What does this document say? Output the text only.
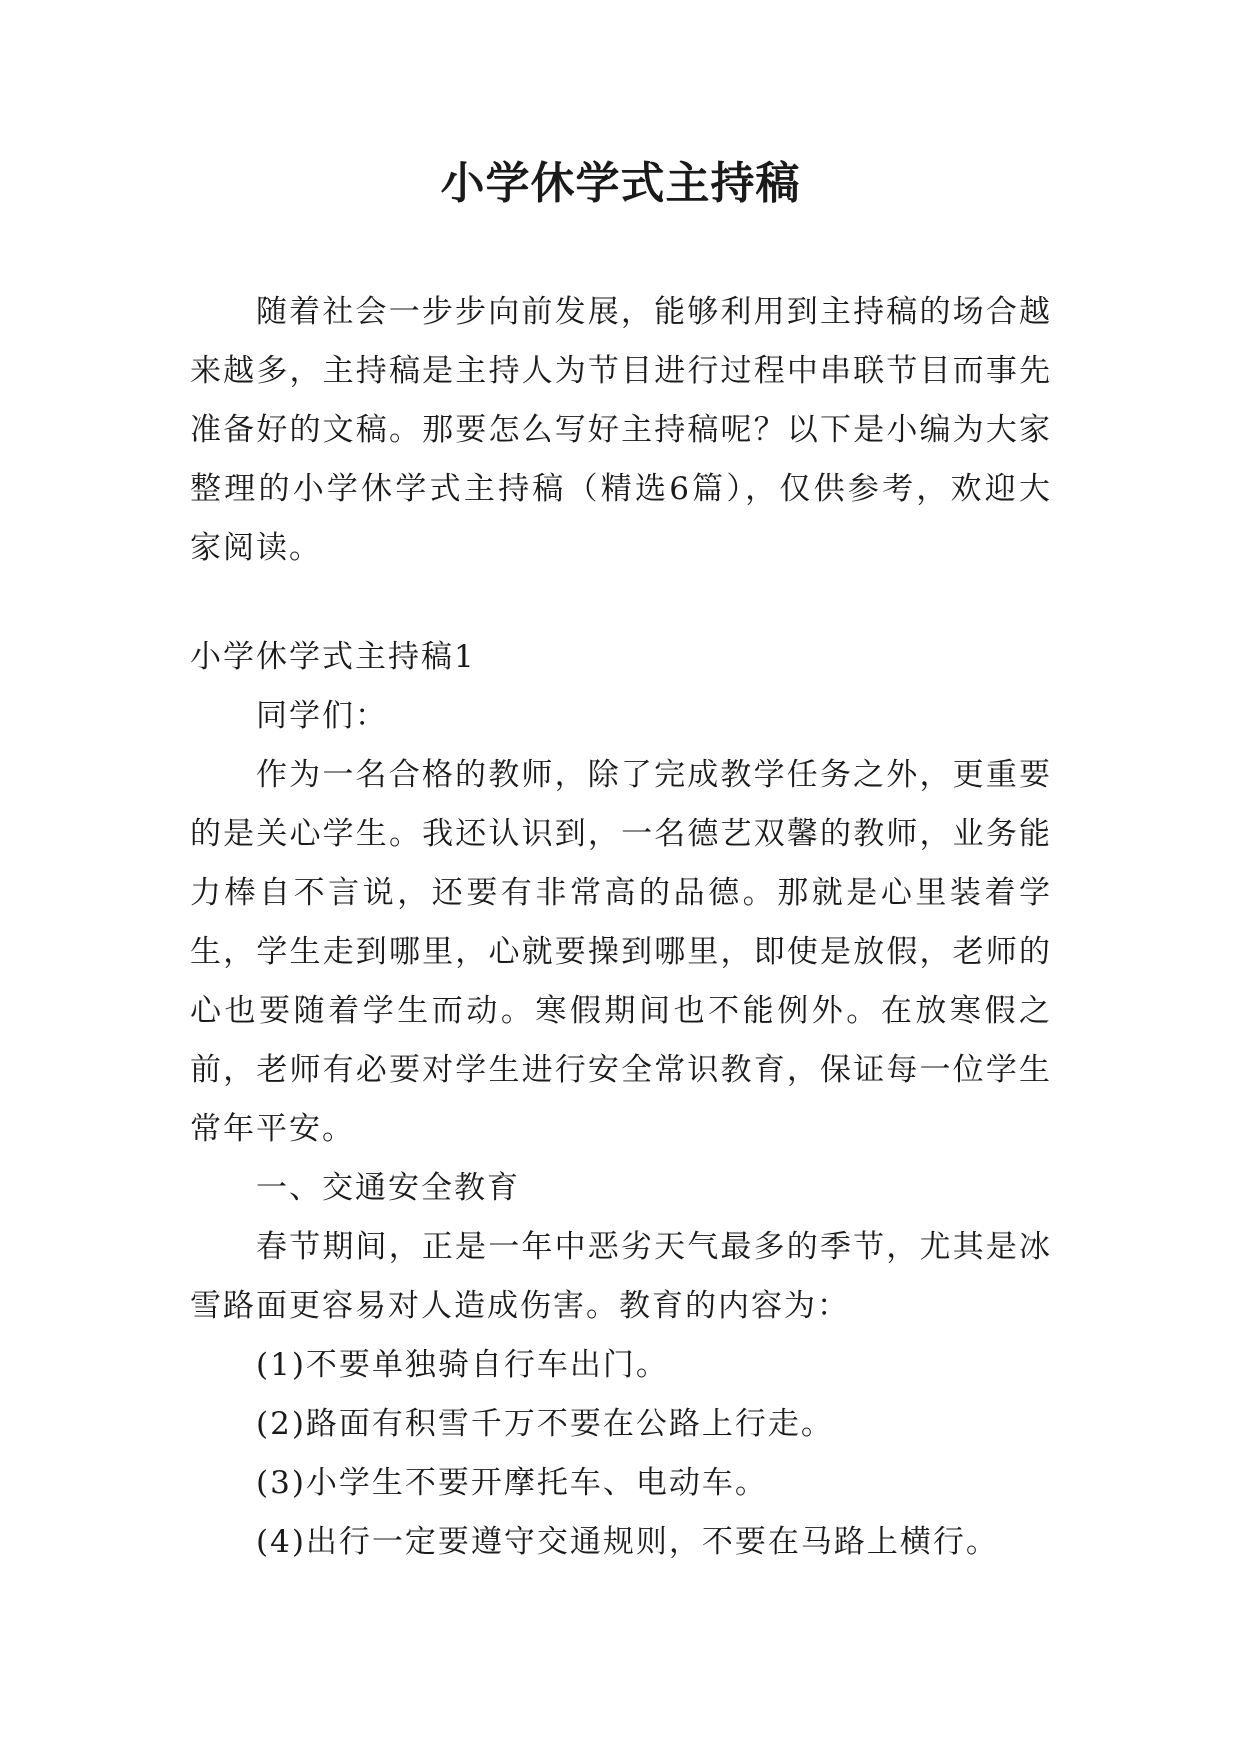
小学休学式主持稿

随着社会一步步向前发展，能够利用到主持稿的场合越来越多，主持稿是主持人为节目进行过程中串联节目而事先准备好的文稿。那要怎么写好主持稿呢？以下是小编为大家整理的小学休学式主持稿（精选6篇），仅供参考，欢迎大家阅读。

小学休学式主持稿1

同学们：

作为一名合格的教师，除了完成教学任务之外，更重要的是关心学生。我还认识到，一名德艺双馨的教师，业务能力棒自不言说，还要有非常高的品德。那就是心里装着学生，学生走到哪里，心就要操到哪里，即使是放假，老师的心也要随着学生而动。寒假期间也不能例外。在放寒假之前，老师有必要对学生进行安全常识教育，保证每一位学生常年平安。

一、交通安全教育

春节期间，正是一年中恶劣天气最多的季节，尤其是冰雪路面更容易对人造成伤害。教育的内容为：

(1)不要单独骑自行车出门。

(2)路面有积雪千万不要在公路上行走。

(3)小学生不要开摩托车、电动车。

(4)出行一定要遵守交通规则，不要在马路上横行。
